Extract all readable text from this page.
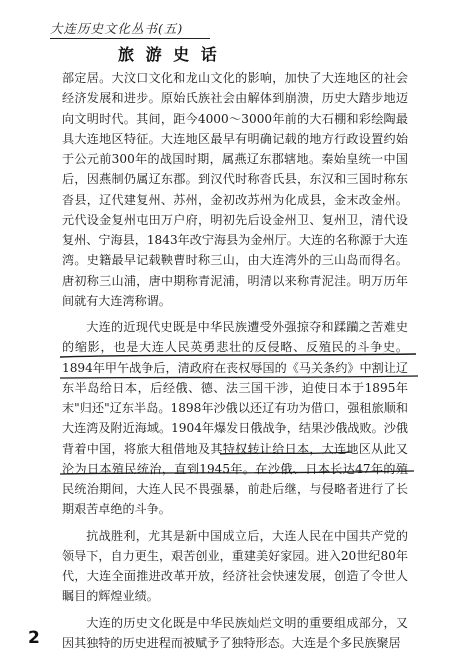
大连历史文化丛书(五)
旅 游 史 话

部定居。大汶口文化和龙山文化的影响，加快了大连地区的社会经济发展和进步。原始氏族社会由解体到崩溃，历史大踏步地迈向文明时代。其间，距今4000～3000年前的大石棚和彩绘陶最具大连地区特征。大连地区最早有明确记载的地方行政设置约始于公元前300年的战国时期，属燕辽东郡辖地。秦始皇统一中国后，因燕制仍属辽东郡。到汉代时称沓氏县，东汉和三国时称东沓县，辽代建复州、苏州，金初改苏州为化成县，金末改金州。元代设金复州屯田万户府，明初先后设金州卫、复州卫，清代设复州、宁海县，1843年改宁海县为金州厅。大连的名称源于大连湾。史籍最早记载鞅曹时称三山，由大连湾外的三山岛而得名。唐初称三山浦，唐中期称青泥浦，明清以来称青泥洼。明万历年间就有大连湾称谓。

大连的近现代史既是中华民族遭受外强掠夺和蹂躏之苦难史的缩影，也是大连人民英勇悲壮的反侵略、反殖民的斗争史。1894年甲午战争后，清政府在丧权辱国的《马关条约》中割让辽东半岛给日本，后经俄、德、法三国干涉，迫使日本于1895年末"归还"辽东半岛。1898年沙俄以还辽有功为借口，强租旅顺和大连湾及附近海域。1904年爆发日俄战争，结果沙俄战败。沙俄背着中国，将旅大租借地及其特权转让给日本，大连地区从此又沦为日本殖民统治，直到1945年。在沙俄、日本长达47年的殖民统治期间，大连人民不畏强暴，前赴后继，与侵略者进行了长期艰苦卓绝的斗争。

抗战胜利，尤其是新中国成立后，大连人民在中国共产党的领导下，自力更生，艰苦创业，重建美好家园。进入20世纪80年代，大连全面推进改革开放，经济社会快速发展，创造了令世人瞩目的辉煌业绩。

大连的历史文化既是中华民族灿烂文明的重要组成部分，又因其独特的历史进程而被赋予了独特形态。大连是个多民族聚居

2
